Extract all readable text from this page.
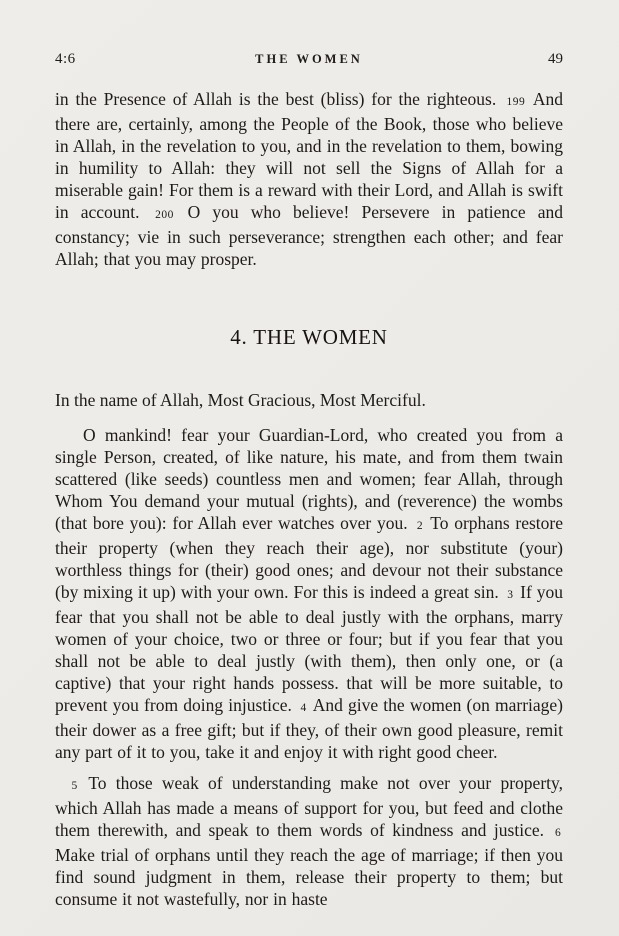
4:6	THE WOMEN	49

in the Presence of Allah is the best (bliss) for the righteous. 199 And there are, certainly, among the People of the Book, those who believe in Allah, in the revelation to you, and in the revelation to them, bowing in humility to Allah: they will not sell the Signs of Allah for a miserable gain! For them is a reward with their Lord, and Allah is swift in account. 200 O you who believe! Persevere in patience and constancy; vie in such perseverance; strengthen each other; and fear Allah; that you may prosper.

4. THE WOMEN

In the name of Allah, Most Gracious, Most Merciful.

O mankind! fear your Guardian-Lord, who created you from a single Person, created, of like nature, his mate, and from them twain scattered (like seeds) countless men and women; fear Allah, through Whom You demand your mutual (rights), and (reverence) the wombs (that bore you): for Allah ever watches over you. 2 To orphans restore their property (when they reach their age), nor substitute (your) worthless things for (their) good ones; and devour not their substance (by mixing it up) with your own. For this is indeed a great sin. 3 If you fear that you shall not be able to deal justly with the orphans, marry women of your choice, two or three or four; but if you fear that you shall not be able to deal justly (with them), then only one, or (a captive) that your right hands possess. that will be more suitable, to prevent you from doing injustice. 4 And give the women (on marriage) their dower as a free gift; but if they, of their own good pleasure, remit any part of it to you, take it and enjoy it with right good cheer.

5 To those weak of understanding make not over your property, which Allah has made a means of support for you, but feed and clothe them therewith, and speak to them words of kindness and justice. 6 Make trial of orphans until they reach the age of marriage; if then you find sound judgment in them, release their property to them; but consume it not wastefully, nor in haste
